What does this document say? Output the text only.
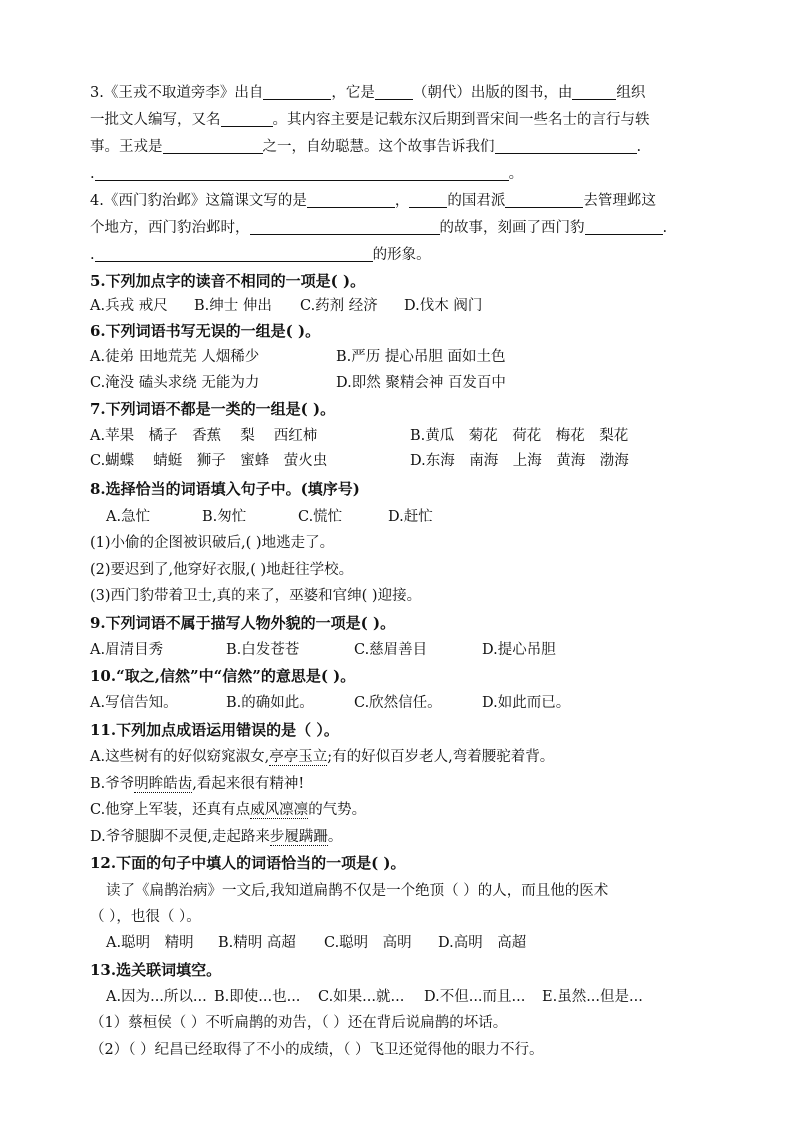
3.《王戎不取道旁李》出自	，它是	（朝代）出版的图书，由	组织
一批文人编写，又名	。其内容主要是记载东汉后期到晋宋间一些名士的言行与轶
事。王戎是	之一，自幼聪慧。这个故事告诉我们	.
.	。
4.《西门豹治邺》这篇课文写的是	，	的国君派	去管理邺这
个地方，西门豹治邺时，	的故事，刻画了西门豹	.
.	的形象。
5.下列加点字的读音不相同的一项是( )。
A.兵戎 戒尺	B.绅士 伸出	C.药剂 经济	D.伐木 阀门
6.下列词语书写无误的一组是( )。
A.徒弟 田地荒芜 人烟稀少	B.严历 提心吊胆 面如土色
C.淹没 磕头求绕 无能为力	D.即然 聚精会神 百发百中
7.下列词语不都是一类的一组是( )。
A.苹果　橘子　香蕉　 梨　 西红柿	B.黄瓜　菊花　荷花　梅花　梨花
C.蝴蝶　 蜻蜓　狮子　蜜蜂　萤火虫	D.东海　南海　上海　黄海　渤海
8.选择恰当的词语填入句子中。(填序号)
A.急忙	B.匆忙	C.慌忙	D.赶忙
(1)小偷的企图被识破后,( )地逃走了。
(2)要迟到了,他穿好衣服,( )地赶往学校。
(3)西门豹带着卫士,真的来了，巫婆和官绅( )迎接。
9.下列词语不属于描写人物外貌的一项是( )。
A.眉清目秀	B.白发苍苍	C.慈眉善目	D.提心吊胆
10.“取之,信然”中“信然”的意思是( )。
A.写信告知。	B.的确如此。	C.欣然信任。	D.如此而已。
11.下列加点成语运用错误的是（ ）。
A.这些树有的好似窈窕淑女,亭亭玉立;有的好似百岁老人,弯着腰驼着背。
B.爷爷明眸皓齿,看起来很有精神!
C.他穿上军装，还真有点威风凛凛的气势。
D.爷爷腿脚不灵便,走起路来步履蹒跚。
12.下面的句子中填人的词语恰当的一项是( )。
读了《扁鹊治病》一文后,我知道扁鹊不仅是一个绝顶（ ）的人，而且他的医术
（ ），也很（ ）。
A.聪明　精明	B.精明 高超	C.聪明　高明	D.高明　高超
13.选关联词填空。
A.因为...所以... B.即使...也...	C.如果...就...	D.不但...而且...	E.虽然...但是...
（1）蔡桓侯（ ）不听扁鹊的劝告，（ ）还在背后说扁鹊的坏话。
（2）（ ）纪昌已经取得了不小的成绩，（ ）飞卫还觉得他的眼力不行。
